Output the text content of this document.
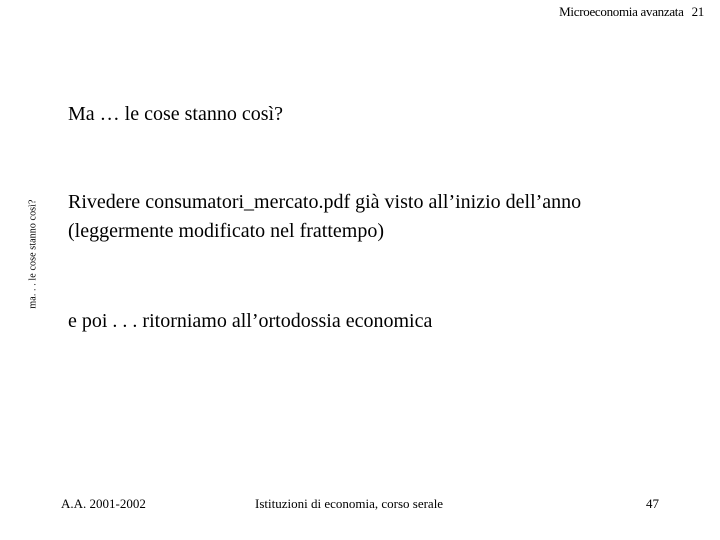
Microeconomia avanzata 21
ma. . . le cose stanno così?
Ma … le cose stanno così?

Rivedere consumatori_mercato.pdf già visto all’inizio dell’anno (leggermente modificato nel frattempo)

e poi . . . ritorniamo all’ortodossia economica

A.A. 2001-2002	Istituzioni di economia, corso serale	47
